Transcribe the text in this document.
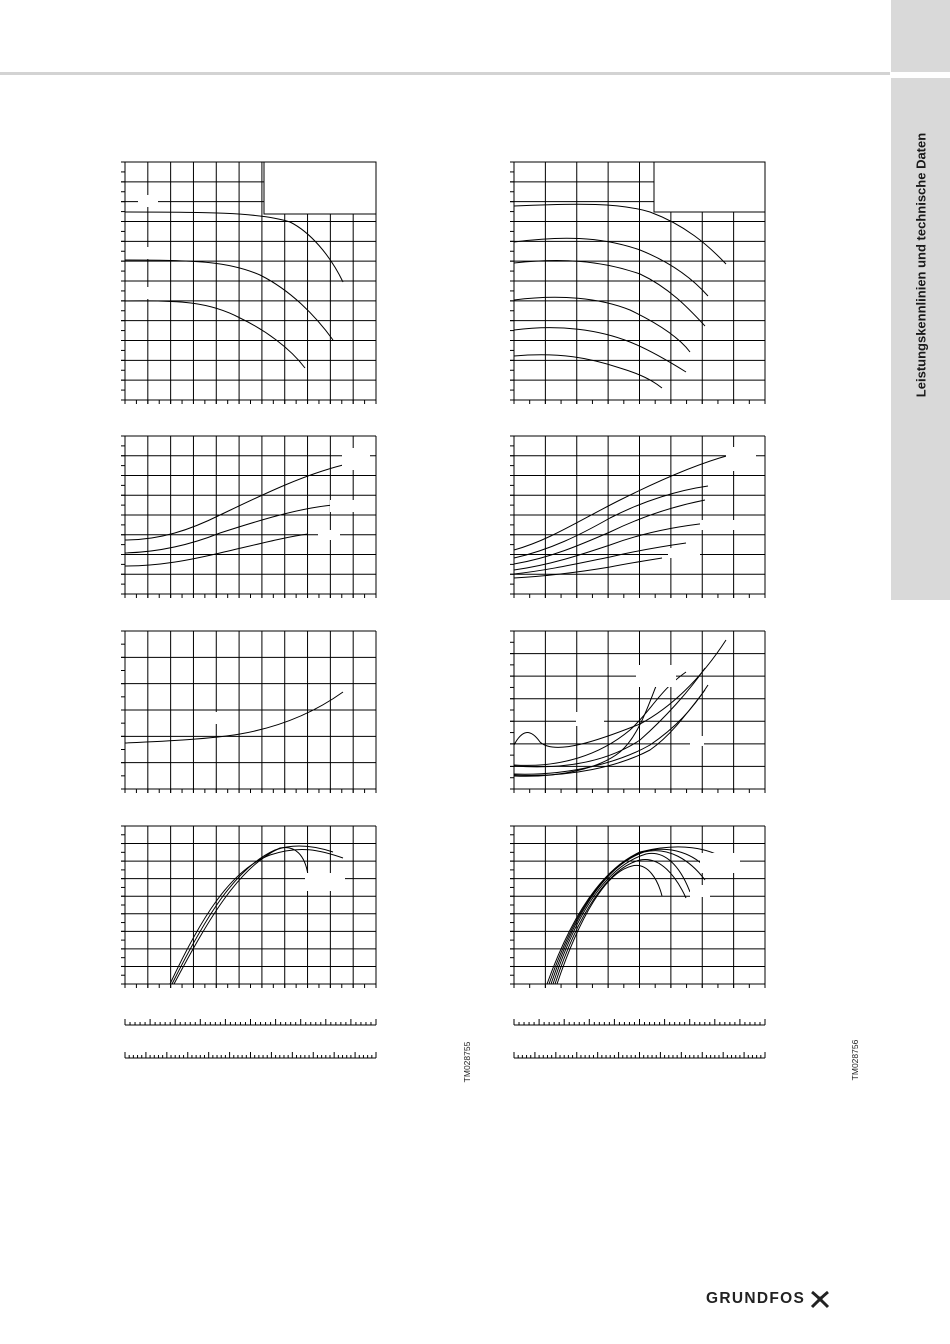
Leistungskennlinien und technische Daten
TM028755	TM028756
GRUNDFOS
